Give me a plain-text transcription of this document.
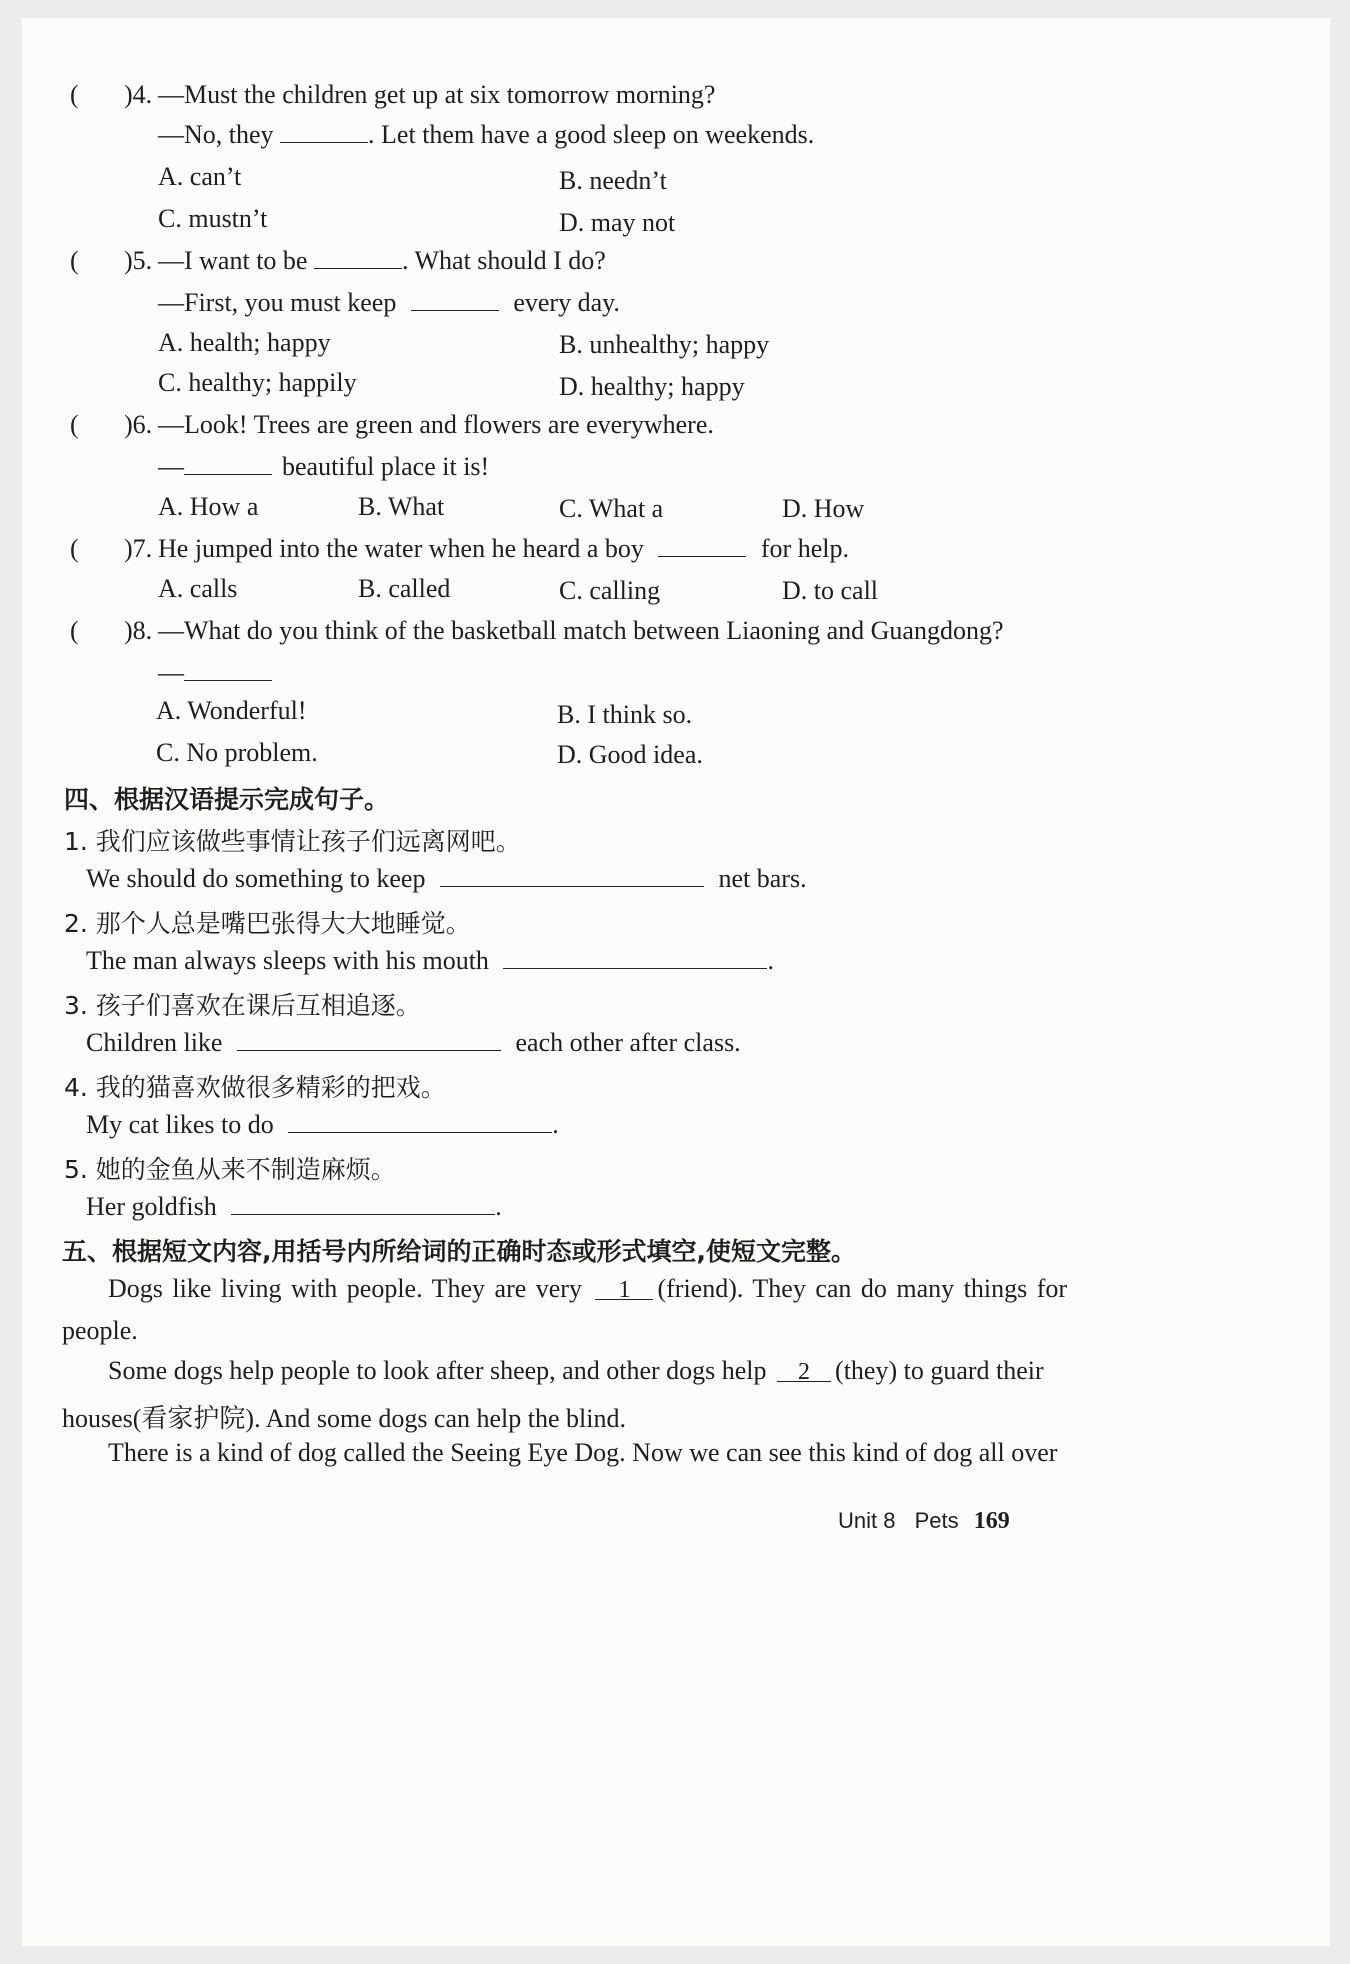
( )4. —Must the children get up at six tomorrow morning?
—No, they	. Let them have a good sleep on weekends.
A. can’t	B. needn’t
C. mustn’t	D. may not
( )5. —I want to be	. What should I do?
—First, you must keep	every day.
A. health; happy	B. unhealthy; happy
C. healthy; happily	D. healthy; happy
( )6. —Look! Trees are green and flowers are everywhere.
—	beautiful place it is!
A. How a	B. What	C. What a	D. How
( )7. He jumped into the water when he heard a boy	for help.
A. calls	B. called	C. calling	D. to call
( )8. —What do you think of the basketball match between Liaoning and Guangdong?
—
A. Wonderful!	B. I think so.
C. No problem.	D. Good idea.
四、根据汉语提示完成句子。
1. 我们应该做些事情让孩子们远离网吧。
We should do something to keep	net bars.
2. 那个人总是嘴巴张得大大地睡觉。
The man always sleeps with his mouth	.
3. 孩子们喜欢在课后互相追逐。
Children like	each other after class.
4. 我的猫喜欢做很多精彩的把戏。
My cat likes to do	.
5. 她的金鱼从来不制造麻烦。
Her goldfish	.
五、根据短文内容,用括号内所给词的正确时态或形式填空,使短文完整。
Dogs like living with people. They are very 1 (friend). They can do many things for
people.
Some dogs help people to look after sheep, and other dogs help 2 (they) to guard their
houses(看家护院). And some dogs can help the blind.
There is a kind of dog called the Seeing Eye Dog. Now we can see this kind of dog all over
Unit 8 Pets 169
